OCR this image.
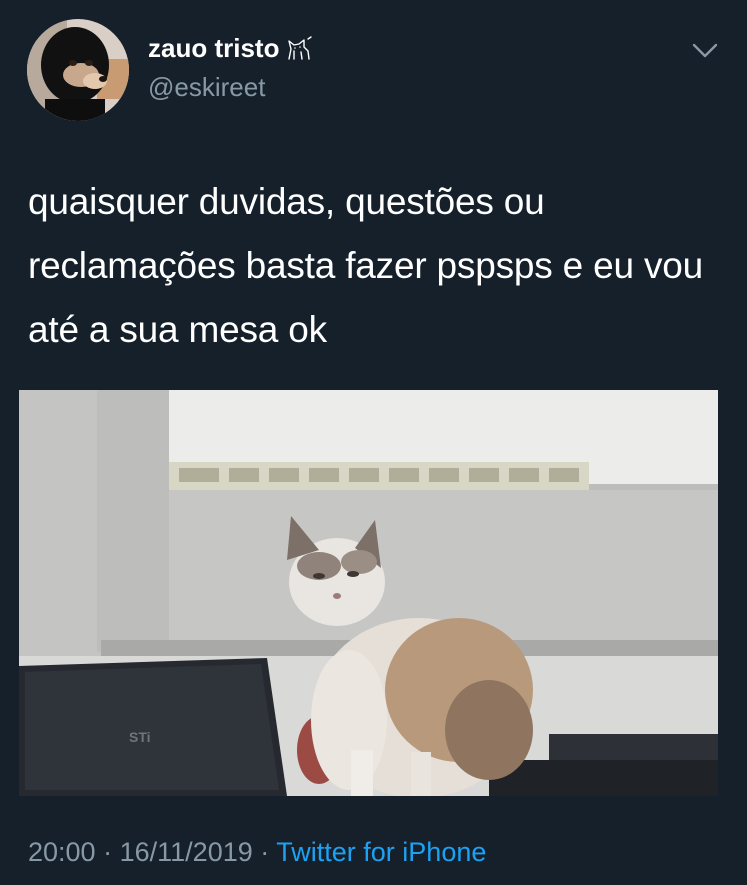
zauo tristo
@eskireet

quaisquer duvidas, questões ou reclamações basta fazer pspsps e eu vou até a sua mesa ok

STi
20:00 · 16/11/2019 · Twitter for iPhone
